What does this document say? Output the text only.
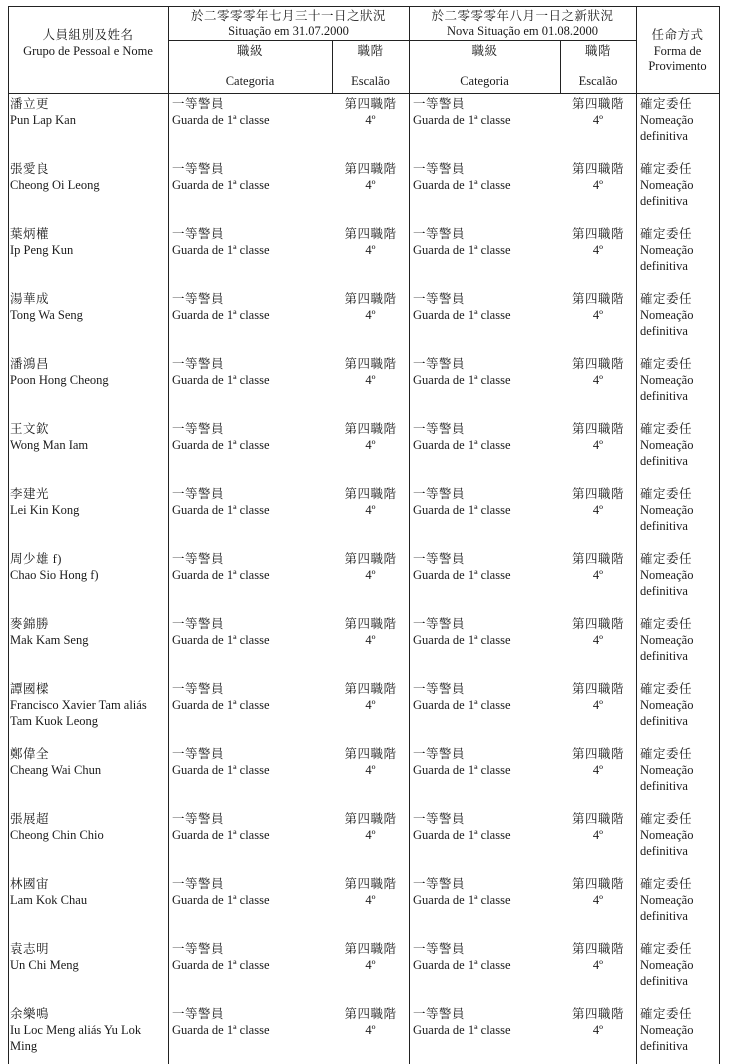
人員組別及姓名
Grupo de Pessoal e Nome
於二零零零年七月三十一日之狀況
Situação em 31.07.2000
職級
Categoria
職階
Escalão
於二零零零年八月一日之新狀況
Nova Situação em 01.08.2000
職級
Categoria
職階
Escalão
任命方式
Forma de
Provimento
潘立更
Pun Lap Kan
一等警員
Guarda de 1ª classe
第四職階
4º
一等警員
Guarda de 1ª classe
第四職階
4º
確定委任
Nomeação
definitiva
張愛良
Cheong Oi Leong
一等警員
Guarda de 1ª classe
第四職階
4º
一等警員
Guarda de 1ª classe
第四職階
4º
確定委任
Nomeação
definitiva
葉炳權
Ip Peng Kun
一等警員
Guarda de 1ª classe
第四職階
4º
一等警員
Guarda de 1ª classe
第四職階
4º
確定委任
Nomeação
definitiva
湯華成
Tong Wa Seng
一等警員
Guarda de 1ª classe
第四職階
4º
一等警員
Guarda de 1ª classe
第四職階
4º
確定委任
Nomeação
definitiva
潘鴻昌
Poon Hong Cheong
一等警員
Guarda de 1ª classe
第四職階
4º
一等警員
Guarda de 1ª classe
第四職階
4º
確定委任
Nomeação
definitiva
王文欽
Wong Man Iam
一等警員
Guarda de 1ª classe
第四職階
4º
一等警員
Guarda de 1ª classe
第四職階
4º
確定委任
Nomeação
definitiva
李建光
Lei Kin Kong
一等警員
Guarda de 1ª classe
第四職階
4º
一等警員
Guarda de 1ª classe
第四職階
4º
確定委任
Nomeação
definitiva
周少雄 f)
Chao Sio Hong f)
一等警員
Guarda de 1ª classe
第四職階
4º
一等警員
Guarda de 1ª classe
第四職階
4º
確定委任
Nomeação
definitiva
麥錦勝
Mak Kam Seng
一等警員
Guarda de 1ª classe
第四職階
4º
一等警員
Guarda de 1ª classe
第四職階
4º
確定委任
Nomeação
definitiva
譚國樑
Francisco Xavier Tam aliás
Tam Kuok Leong
一等警員
Guarda de 1ª classe
第四職階
4º
一等警員
Guarda de 1ª classe
第四職階
4º
確定委任
Nomeação
definitiva
鄭偉全
Cheang Wai Chun
一等警員
Guarda de 1ª classe
第四職階
4º
一等警員
Guarda de 1ª classe
第四職階
4º
確定委任
Nomeação
definitiva
張展超
Cheong Chin Chio
一等警員
Guarda de 1ª classe
第四職階
4º
一等警員
Guarda de 1ª classe
第四職階
4º
確定委任
Nomeação
definitiva
林國宙
Lam Kok Chau
一等警員
Guarda de 1ª classe
第四職階
4º
一等警員
Guarda de 1ª classe
第四職階
4º
確定委任
Nomeação
definitiva
袁志明
Un Chi Meng
一等警員
Guarda de 1ª classe
第四職階
4º
一等警員
Guarda de 1ª classe
第四職階
4º
確定委任
Nomeação
definitiva
余樂鳴
Iu Loc Meng aliás Yu Lok
Ming
一等警員
Guarda de 1ª classe
第四職階
4º
一等警員
Guarda de 1ª classe
第四職階
4º
確定委任
Nomeação
definitiva
